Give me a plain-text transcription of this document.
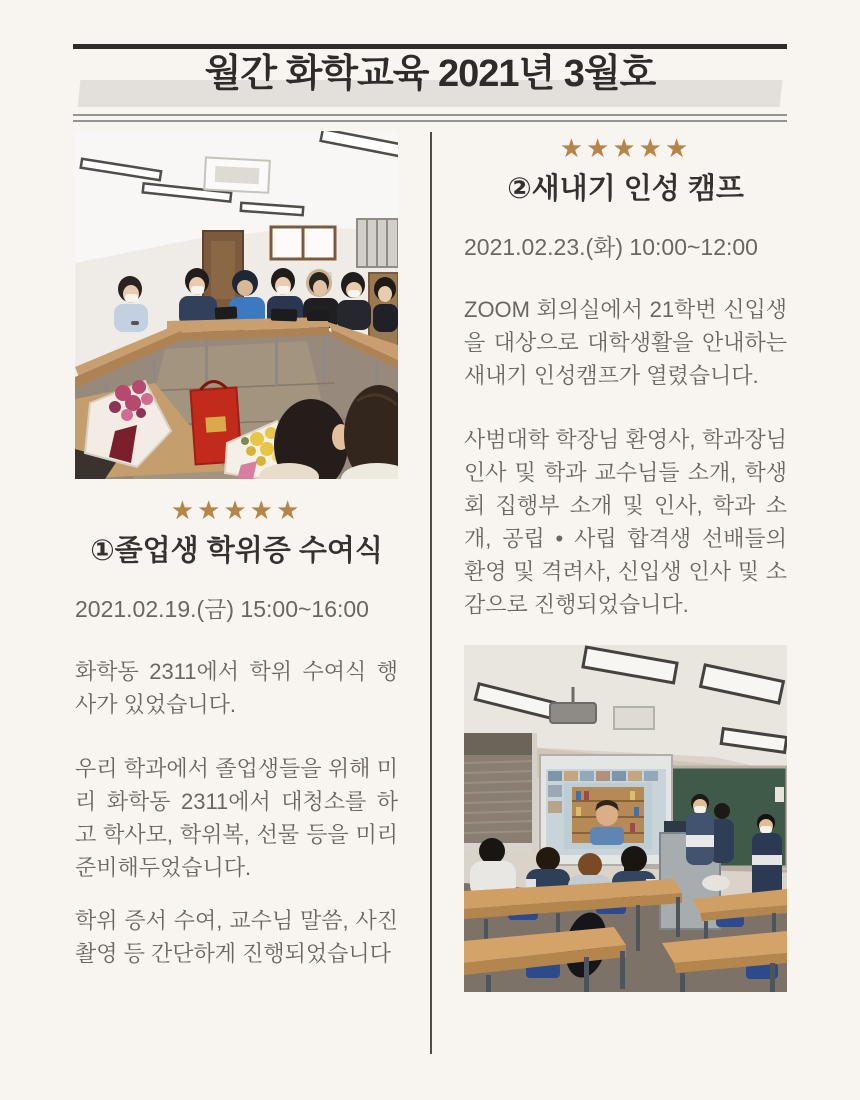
월간 화학교육 2021년 3월호
★★★★★
①졸업생 학위증 수여식
2021.02.19.(금) 15:00~16:00
화학동 2311에서 학위 수여식 행사가 있었습니다.
우리 학과에서 졸업생들을 위해 미리 화학동 2311에서 대청소를 하고 학사모, 학위복, 선물 등을 미리 준비해두었습니다.
학위 증서 수여, 교수님 말씀, 사진 촬영 등 간단하게 진행되었습니다
★★★★★
②새내기 인성 캠프
2021.02.23.(화) 10:00~12:00
ZOOM 회의실에서 21학번 신입생을 대상으로 대학생활을 안내하는 새내기 인성캠프가 열렸습니다.
사범대학 학장님 환영사, 학과장님 인사 및 학과 교수님들 소개, 학생회 집행부 소개 및 인사, 학과 소개, 공립 • 사립 합격생 선배들의 환영 및 격려사, 신입생 인사 및 소감으로 진행되었습니다.
